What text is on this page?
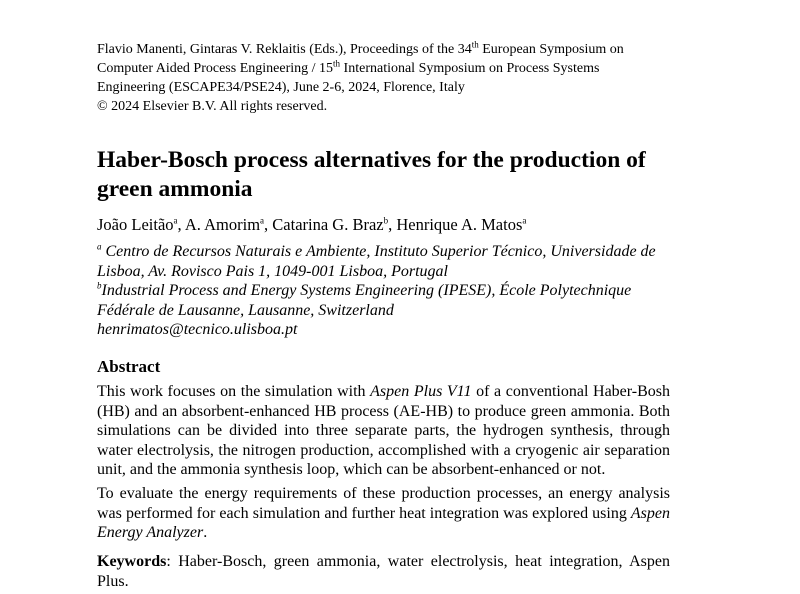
Flavio Manenti, Gintaras V. Reklaitis (Eds.), Proceedings of the 34th European Symposium on Computer Aided Process Engineering / 15th International Symposium on Process Systems Engineering (ESCAPE34/PSE24), June 2-6, 2024, Florence, Italy
© 2024 Elsevier B.V. All rights reserved.
Haber-Bosch process alternatives for the production of green ammonia
João Leitão$^a$, A. Amorim$^a$, Catarina G. Braz$^b$, Henrique A. Matos$^a$
$^a$ Centro de Recursos Naturais e Ambiente, Instituto Superior Técnico, Universidade de Lisboa, Av. Rovisco Pais 1, 1049-001 Lisboa, Portugal
$^b$Industrial Process and Energy Systems Engineering (IPESE), École Polytechnique Fédérale de Lausanne, Lausanne, Switzerland
henrimatos@tecnico.ulisboa.pt
Abstract

This work focuses on the simulation with Aspen Plus V11 of a conventional Haber-Bosh (HB) and an absorbent-enhanced HB process (AE-HB) to produce green ammonia. Both simulations can be divided into three separate parts, the hydrogen synthesis, through water electrolysis, the nitrogen production, accomplished with a cryogenic air separation unit, and the ammonia synthesis loop, which can be absorbent-enhanced or not.

To evaluate the energy requirements of these production processes, an energy analysis was performed for each simulation and further heat integration was explored using Aspen Energy Analyzer.

Keywords: Haber-Bosch, green ammonia, water electrolysis, heat integration, Aspen Plus.
